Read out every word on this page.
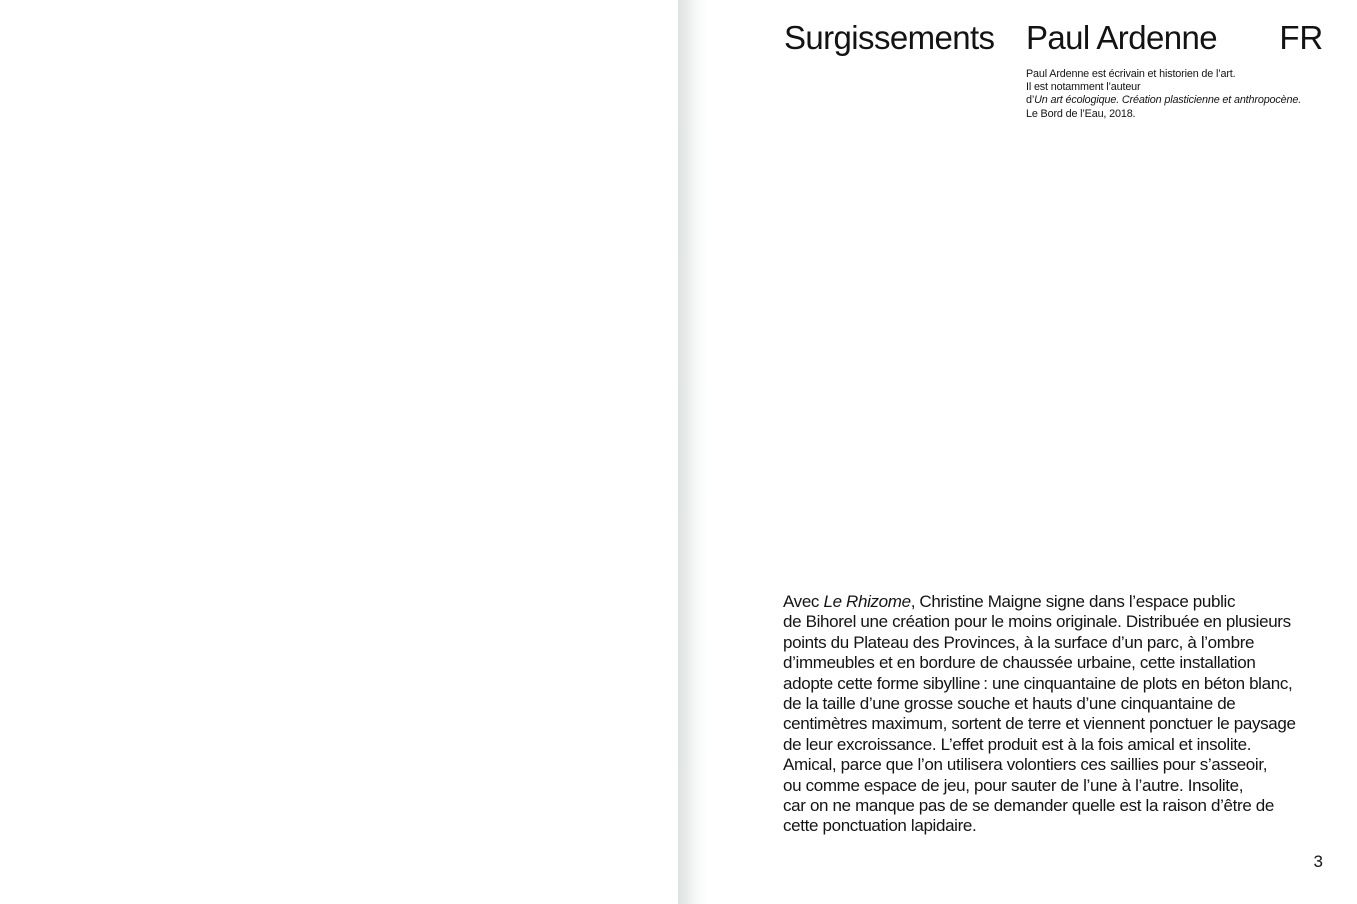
Surgissements Paul Ardenne FR
Paul Ardenne est écrivain et historien de l’art.
Il est notamment l’auteur
d’Un art écologique. Création plasticienne et anthropocène.
Le Bord de l’Eau, 2018.
Avec Le Rhizome, Christine Maigne signe dans l’espace public
de Bihorel une création pour le moins originale. Distribuée en plusieurs
points du Plateau des Provinces, à la surface d’un parc, à l’ombre
d’immeubles et en bordure de chaussée urbaine, cette installation
adopte cette forme sibylline : une cinquantaine de plots en béton blanc,
de la taille d’une grosse souche et hauts d’une cinquantaine de
centimètres maximum, sortent de terre et viennent ponctuer le paysage
de leur excroissance. L’effet produit est à la fois amical et insolite.
Amical, parce que l’on utilisera volontiers ces saillies pour s’asseoir,
ou comme espace de jeu, pour sauter de l’une à l’autre. Insolite,
car on ne manque pas de se demander quelle est la raison d’être de
cette ponctuation lapidaire.
3
